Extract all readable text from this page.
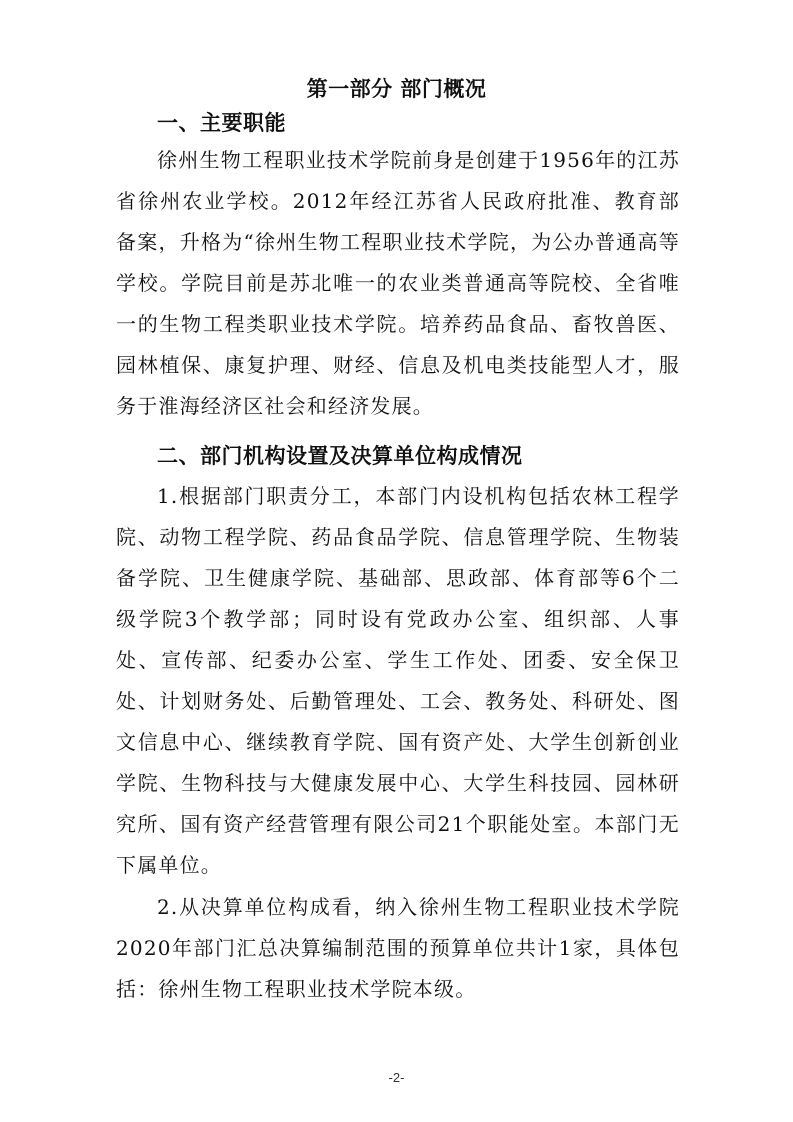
第一部分 部门概况
一、主要职能

徐州生物工程职业技术学院前身是创建于1956年的江苏省徐州农业学校。2012年经江苏省人民政府批准、教育部备案，升格为“徐州生物工程职业技术学院，为公办普通高等学校。学院目前是苏北唯一的农业类普通高等院校、全省唯一的生物工程类职业技术学院。培养药品食品、畜牧兽医、园林植保、康复护理、财经、信息及机电类技能型人才，服务于淮海经济区社会和经济发展。

二、部门机构设置及决算单位构成情况

1.根据部门职责分工，本部门内设机构包括农林工程学院、动物工程学院、药品食品学院、信息管理学院、生物装备学院、卫生健康学院、基础部、思政部、体育部等6个二级学院3个教学部；同时设有党政办公室、组织部、人事处、宣传部、纪委办公室、学生工作处、团委、安全保卫处、计划财务处、后勤管理处、工会、教务处、科研处、图文信息中心、继续教育学院、国有资产处、大学生创新创业学院、生物科技与大健康发展中心、大学生科技园、园林研究所、国有资产经营管理有限公司21个职能处室。本部门无下属单位。

2.从决算单位构成看，纳入徐州生物工程职业技术学院2020年部门汇总决算编制范围的预算单位共计1家，具体包括：徐州生物工程职业技术学院本级。

-2-
